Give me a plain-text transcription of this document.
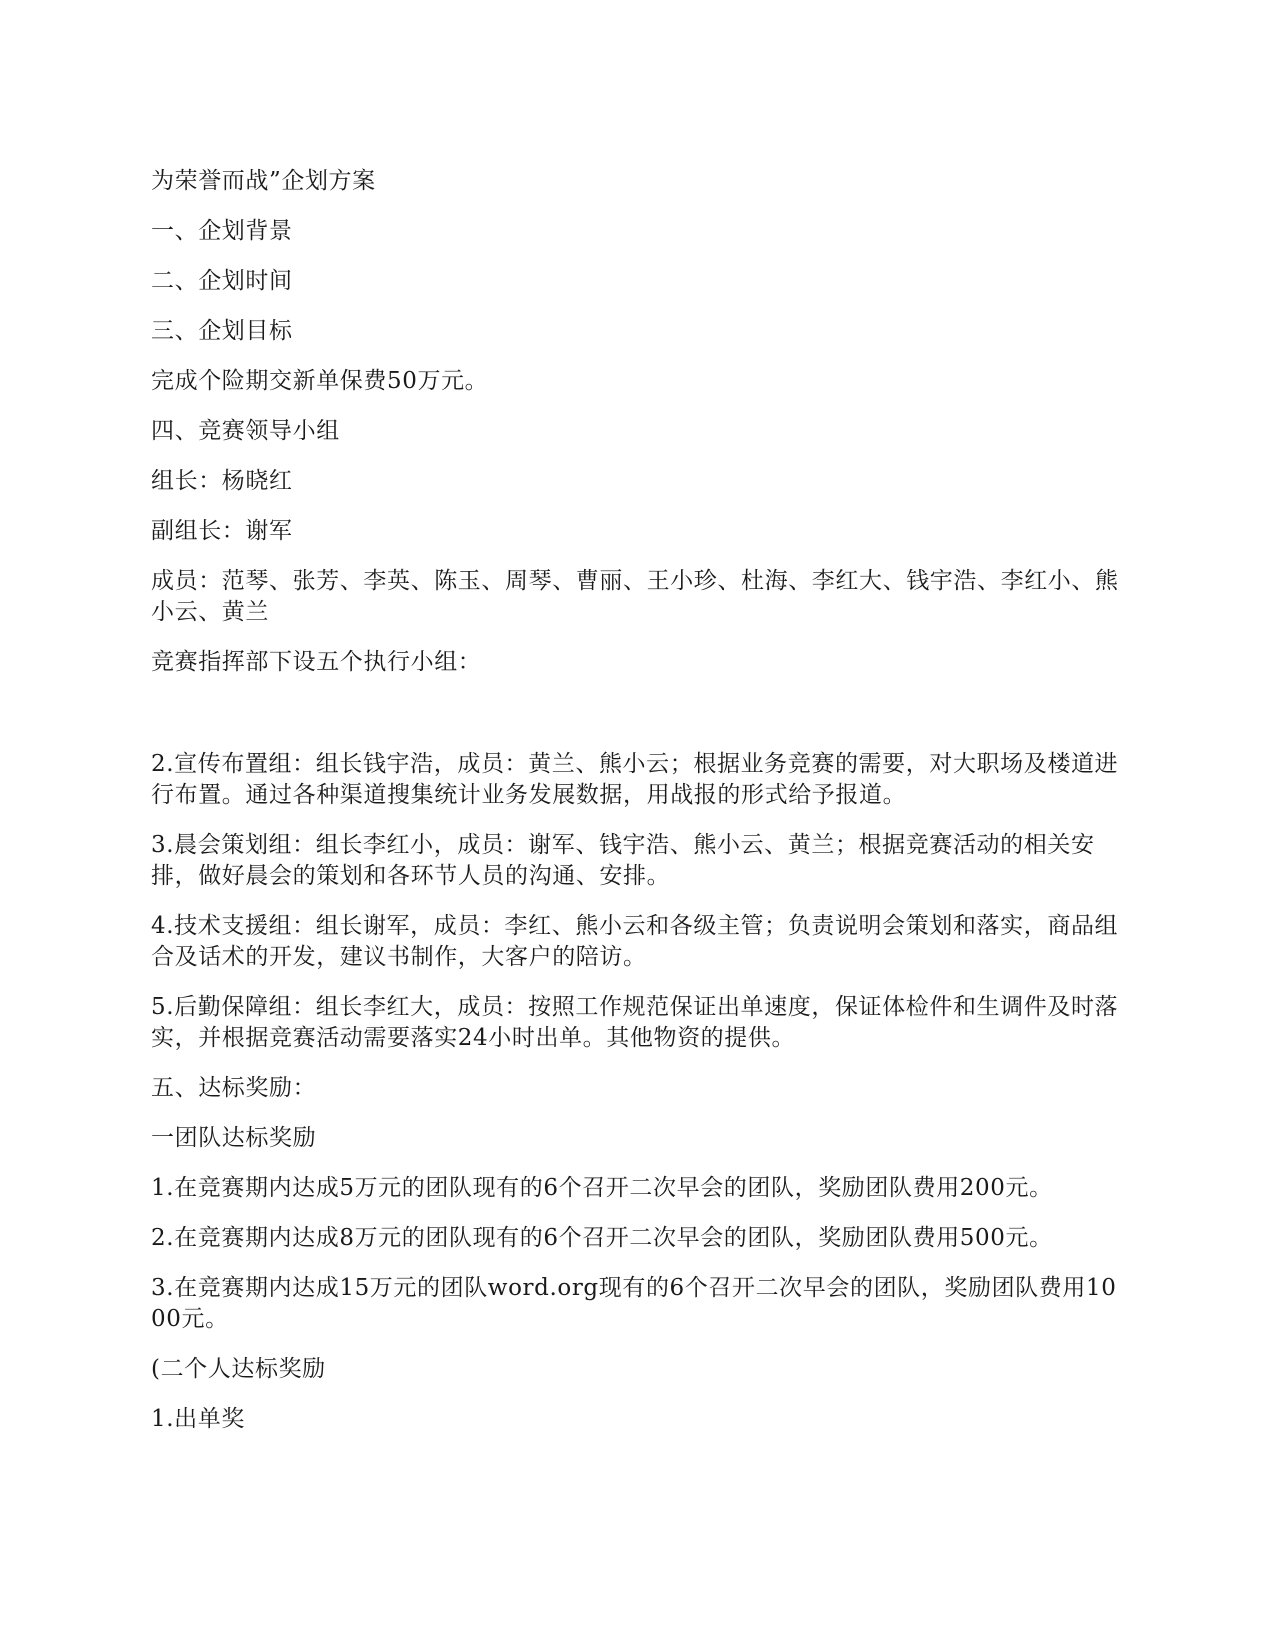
为荣誉而战”企划方案

一、企划背景

二、企划时间

三、企划目标

完成个险期交新单保费50万元。

四、竞赛领导小组

组长：杨晓红

副组长：谢军

成员：范琴、张芳、李英、陈玉、周琴、曹丽、王小珍、杜海、李红大、钱宇浩、李红小、熊小云、黄兰

竞赛指挥部下设五个执行小组：

2.宣传布置组：组长钱宇浩，成员：黄兰、熊小云；根据业务竞赛的需要，对大职场及楼道进行布置。通过各种渠道搜集统计业务发展数据，用战报的形式给予报道。

3.晨会策划组：组长李红小，成员：谢军、钱宇浩、熊小云、黄兰；根据竞赛活动的相关安排，做好晨会的策划和各环节人员的沟通、安排。

4.技术支援组：组长谢军，成员：李红、熊小云和各级主管；负责说明会策划和落实，商品组合及话术的开发，建议书制作，大客户的陪访。

5.后勤保障组：组长李红大，成员：按照工作规范保证出单速度，保证体检件和生调件及时落实，并根据竞赛活动需要落实24小时出单。其他物资的提供。

五、达标奖励：

一团队达标奖励

1.在竞赛期内达成5万元的团队现有的6个召开二次早会的团队，奖励团队费用200元。

2.在竞赛期内达成8万元的团队现有的6个召开二次早会的团队，奖励团队费用500元。

3.在竞赛期内达成15万元的团队word.org现有的6个召开二次早会的团队，奖励团队费用1000元。

(二个人达标奖励

1.出单奖
